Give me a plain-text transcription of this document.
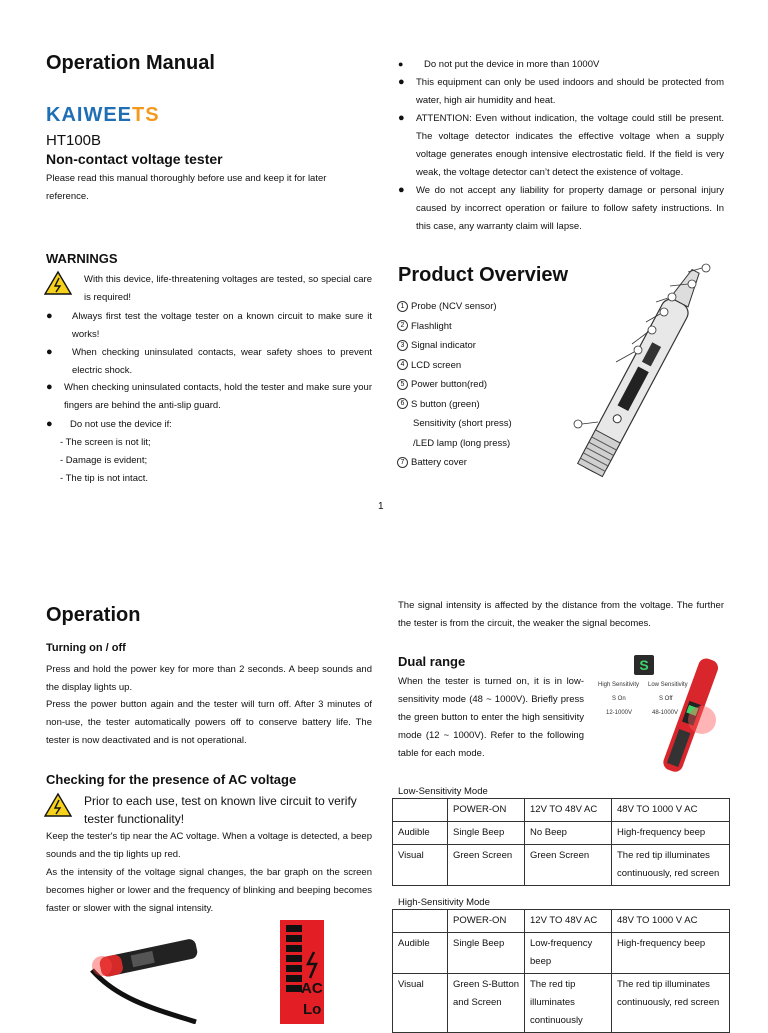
Operation Manual
KAIWEETS
HT100B
Non-contact voltage tester
Please read this manual thoroughly before use and keep it for later reference.
WARNINGS
With this device, life-threatening voltages are tested, so special care is required!
● Always first test the voltage tester on a known circuit to make sure it works!
● When checking uninsulated contacts, wear safety shoes to prevent electric shock.
● When checking uninsulated contacts, hold the tester and make sure your fingers are behind the anti-slip guard.
● Do not use the device if:
- The screen is not lit;
- Damage is evident;
- The tip is not intact.
● Do not put the device in more than 1000V
● This equipment can only be used indoors and should be protected from water, high air humidity and heat.
● ATTENTION: Even without indication, the voltage could still be present. The voltage detector indicates the effective voltage when a supply voltage generates enough intensive electrostatic field. If the field is very weak, the voltage detector can’t detect the existence of voltage.
● We do not accept any liability for property damage or personal injury caused by incorrect operation or failure to follow safety instructions. In this case, any warranty claim will lapse.
Product Overview
1 Probe (NCV sensor)
2 Flashlight
3 Signal indicator
4 LCD screen
5 Power button(red)
6 S button (green)
Sensitivity (short press)
/LED lamp (long press)
7 Battery cover
1
Operation
Turning on / off
Press and hold the power key for more than 2 seconds. A beep sounds and the display lights up.
Press the power button again and the tester will turn off. After 3 minutes of non-use, the tester automatically powers off to conserve battery life. The tester is now deactivated and is not operational.
Checking for the presence of AC voltage
Prior to each use, test on known live circuit to verify tester functionality!
Keep the tester's tip near the AC voltage. When a voltage is detected, a beep sounds and the tip lights up red.
As the intensity of the voltage signal changes, the bar graph on the screen becomes higher or lower and the frequency of blinking and beeping becomes faster or slower with the signal intensity.
AC
Lo
The signal intensity is affected by the distance from the voltage. The further the tester is from the circuit, the weaker the signal becomes.
Dual range
When the tester is turned on, it is in low-sensitivity mode (48 ~ 1000V). Briefly press the green button to enter the high sensitivity mode (12 ~ 1000V). Refer to the following table for each mode.
S
High Sensitivity Low Sensitivity
S On	S Off
12-1000V	48-1000V
Low-Sensitivity Mode
	POWER-ON	12V TO 48V AC	48V TO 1000 V AC
Audible	Single Beep	No Beep	High-frequency beep
Visual	Green Screen	Green Screen	The red tip illuminates continuously, red screen
High-Sensitivity Mode
	POWER-ON	12V TO 48V AC	48V TO 1000 V AC
Audible	Single Beep	Low-frequency beep	High-frequency beep
Visual	Green S-Button and Screen	The red tip illuminates continuously	The red tip illuminates continuously, red screen
